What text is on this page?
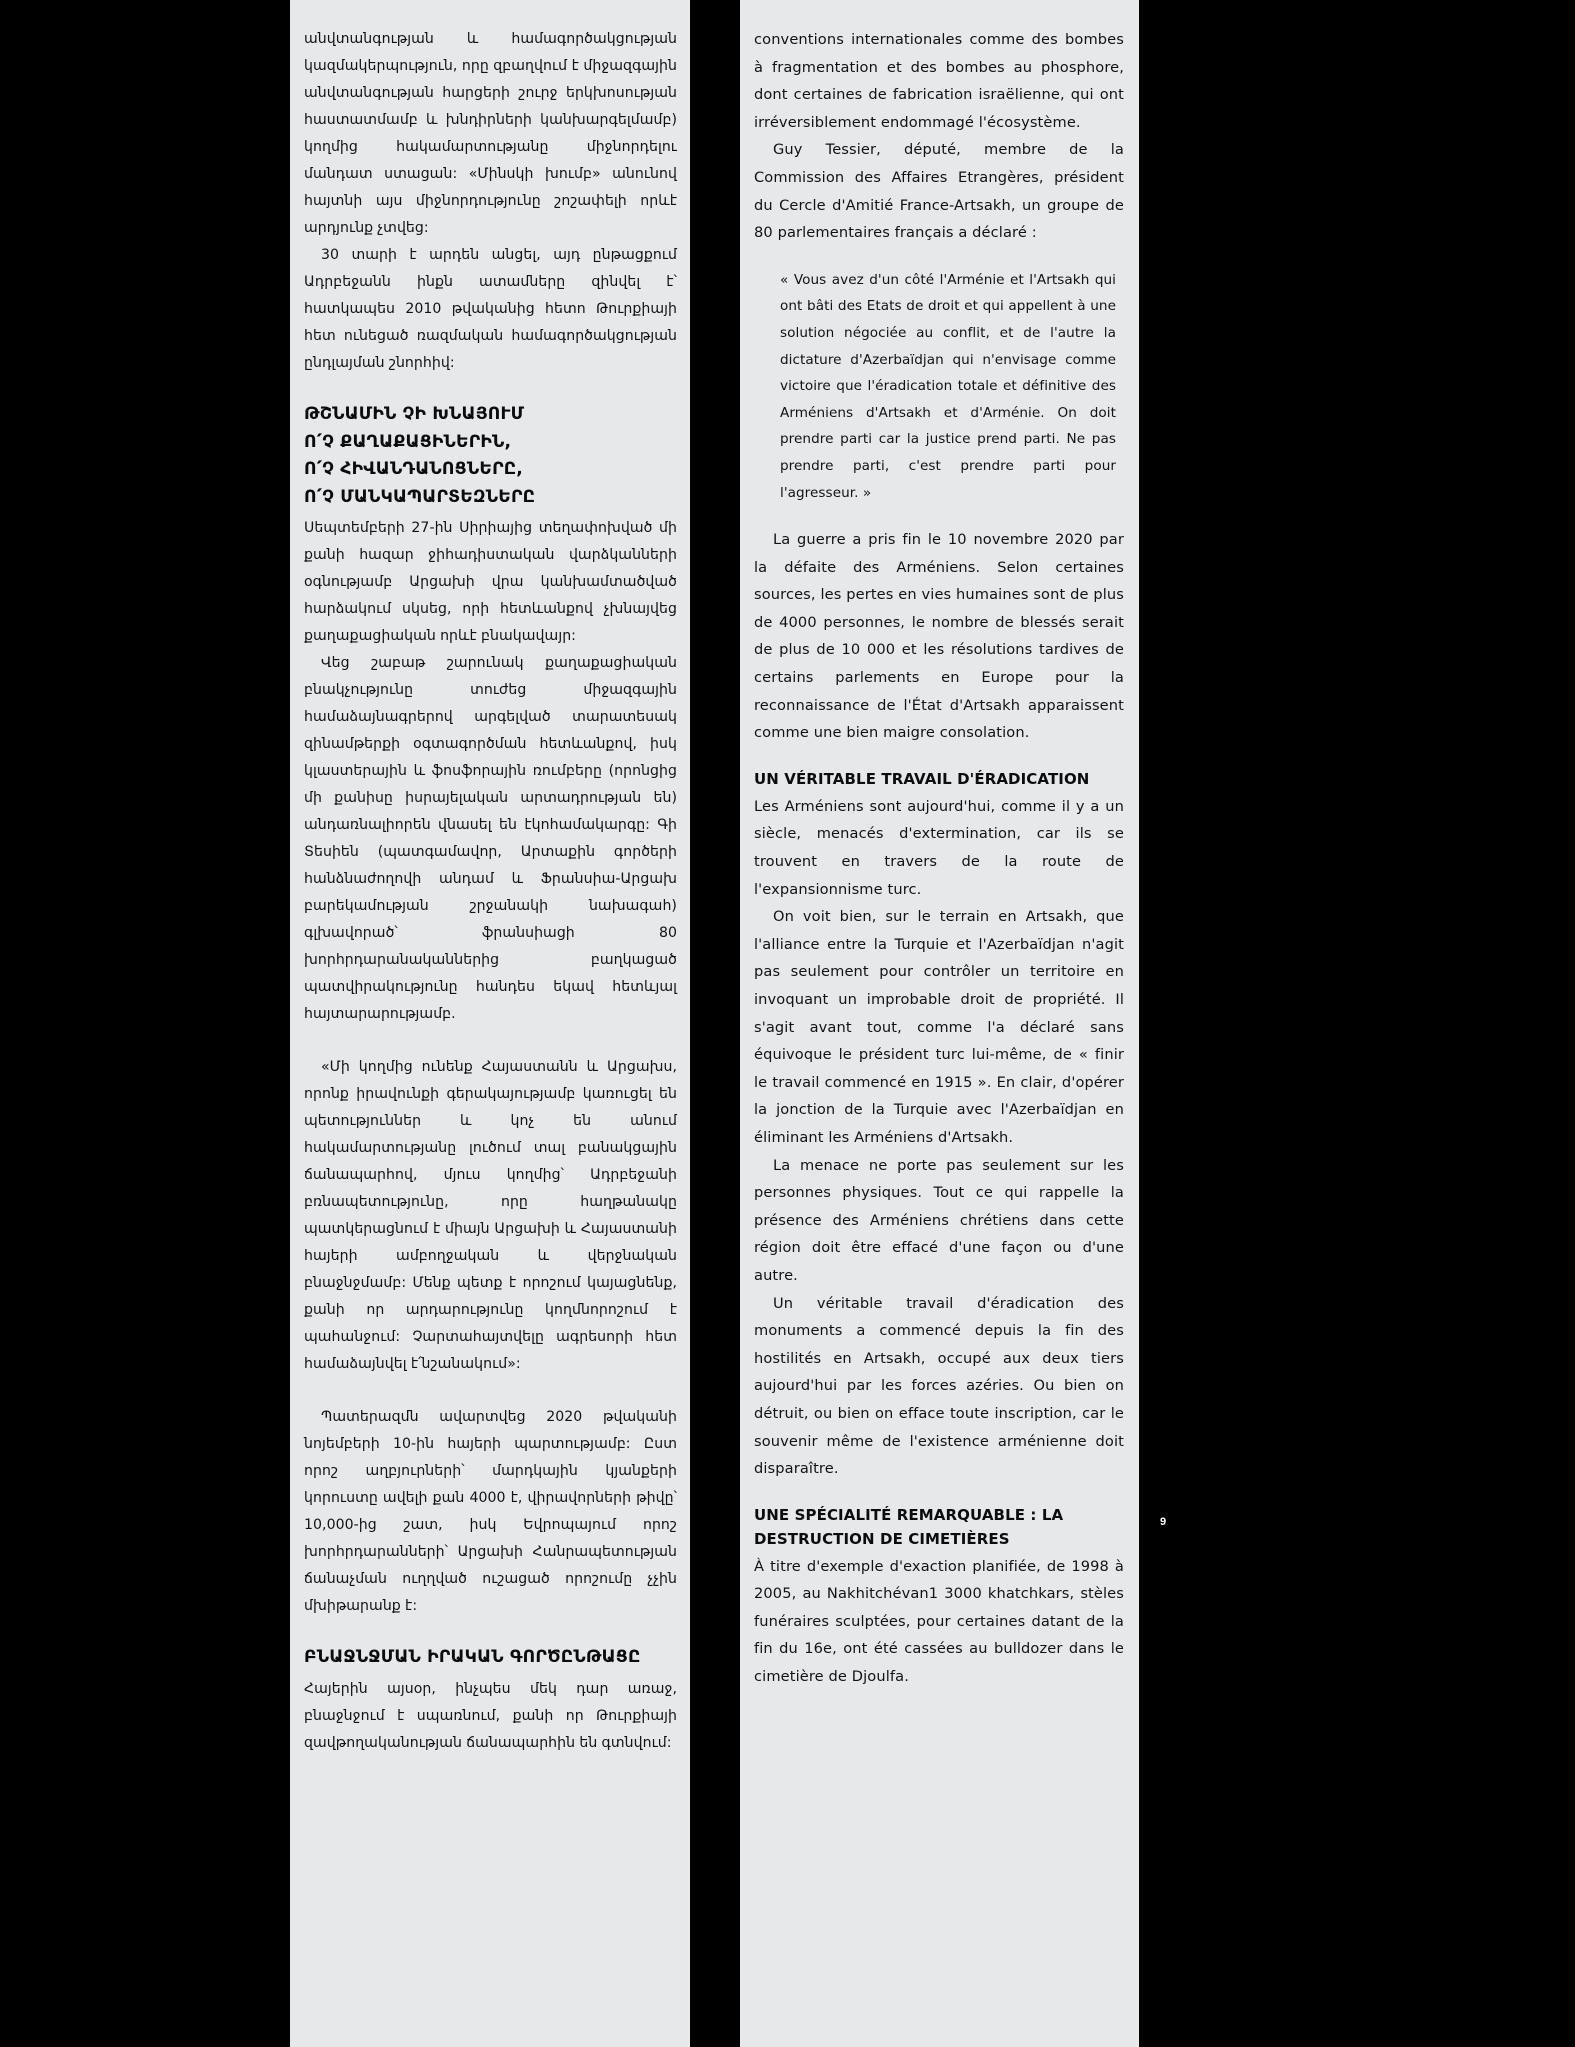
անվտանգության և համագործակցության կազմակերպություն, որը զբաղվում է միջազգային անվտանգության հարցերի շուրջ երկխոսության հաստատմամբ և խնդիրների կանխարգելմամբ) կողմից հակամարտությանը միջնորդելու մանդատ ստացան: «Մինսկի խումբ» անունով հայտնի այս միջնորդությունը շոշափելի որևէ արդյունք չտվեց:

30 տարի է արդեն անցել, այդ ընթացքում Ադրբեջանն ինքն ատամները զինվել է՝ հատկապես 2010 թվականից հետո Թուրքիայի հետ ունեցած ռազմական համագործակցության ընդլայման շնորհիվ:

ԹՇՆԱՄԻՆ ՉԻ ԽՆԱՅՈՒՄ
Ո՛Չ ՔԱՂԱՔԱՑԻՆԵՐԻՆ,
Ո՛Չ ՀԻՎԱՆԴԱՆՈՑՆԵՐԸ,
Ո՛Չ ՄԱՆԿԱՊԱՐՏԵԶՆԵՐԸ

Սեպտեմբերի 27-ին Սիրիայից տեղափոխված մի քանի հազար ջիհադիստական վարձկանների օգնությամբ Արցախի վրա կանխամտածված հարձակում սկսեց, որի հետևանքով չխնայվեց քաղաքացիական որևէ բնակավայր:

Վեց շաբաթ շարունակ քաղաքացիական բնակչությունը տուժեց միջազգային համաձայնագրերով արգելված տարատեսակ զինամթերքի օգտագործման հետևանքով, իսկ կլաստերային և ֆոսֆորային ռումբերը (որոնցից մի քանիսը իսրայելական արտադրության են) անդառնալիորեն վնասել են էկոհամակարգը: Գի Տեսիեն (պատգամավոր, Արտաքին գործերի հանձնաժողովի անդամ և Ֆրանսիա-Արցախ բարեկամության շրջանակի նախագահ) գլխավորած՝ ֆրանսիացի 80 խորհրդարանականներից բաղկացած պատվիրակությունը հանդես եկավ հետևյալ հայտարարությամբ.

«Մի կողմից ունենք Հայաստանն և Արցախս, որոնք իրավունքի գերակայությամբ կառուցել են պետություններ և կոչ են անում հակամարտությանը լուծում տալ բանակցային ճանապարհով, մյուս կողմից՝ Ադրբեջանի բռնապետությունը, որը հաղթանակը պատկերացնում է միայն Արցախի և Հայաստանի հայերի ամբողջական և վերջնական բնաջնջմամբ: Մենք պետք է որոշում կայացնենք, քանի որ արդարությունը կողմնորոշում է պահանջում: Չարտահայտվելը ագրեսորի հետ համաձայնվել է՛նշանակում»:

Պատերազմն ավարտվեց 2020 թվականի նոյեմբերի 10-ին հայերի պարտությամբ: Ըստ որոշ աղբյուրների՝ մարդկային կյանքերի կորուստը ավելի քան 4000 է, վիրավորների թիվը՝ 10,000-ից շատ, իսկ Եվրոպայում որոշ խորհրդարանների՝ Արցախի Հանրապետության ճանաչման ուղղված ուշացած որոշումը չչին մխիթարանք է:

ԲՆԱՋՆՋՄԱՆ ԻՐԱԿԱՆ ԳՈՐԾԸՆԹԱՑԸ

Հայերին այսօր, ինչպես մեկ դար առաջ, բնաջնջում է սպառնում, քանի որ Թուրքիայի զավթողականության ճանապարհին են գտնվում:

conventions internationales comme des bombes à fragmentation et des bombes au phosphore, dont certaines de fabrication israëlienne, qui ont irréversiblement endommagé l'écosystème.

Guy Tessier, député, membre de la Commission des Affaires Etrangères, président du Cercle d'Amitié France-Artsakh, un groupe de 80 parlementaires français a déclaré :

« Vous avez d'un côté l'Arménie et l'Artsakh qui ont bâti des Etats de droit et qui appellent à une solution négociée au conflit, et de l'autre la dictature d'Azerbaïdjan qui n'envisage comme victoire que l'éradication totale et définitive des Arméniens d'Artsakh et d'Arménie. On doit prendre parti car la justice prend parti. Ne pas prendre parti, c'est prendre parti pour l'agresseur. »

La guerre a pris fin le 10 novembre 2020 par la défaite des Arméniens. Selon certaines sources, les pertes en vies humaines sont de plus de 4000 personnes, le nombre de blessés serait de plus de 10 000 et les résolutions tardives de certains parlements en Europe pour la reconnaissance de l'État d'Artsakh apparaissent comme une bien maigre consolation.

UN VÉRITABLE TRAVAIL D'ÉRADICATION

Les Arméniens sont aujourd'hui, comme il y a un siècle, menacés d'extermination, car ils se trouvent en travers de la route de l'expansionnisme turc.

On voit bien, sur le terrain en Artsakh, que l'alliance entre la Turquie et l'Azerbaïdjan n'agit pas seulement pour contrôler un territoire en invoquant un improbable droit de propriété. Il s'agit avant tout, comme l'a déclaré sans équivoque le président turc lui-même, de « finir le travail commencé en 1915 ». En clair, d'opérer la jonction de la Turquie avec l'Azerbaïdjan en éliminant les Arméniens d'Artsakh.

La menace ne porte pas seulement sur les personnes physiques. Tout ce qui rappelle la présence des Arméniens chrétiens dans cette région doit être effacé d'une façon ou d'une autre.

Un véritable travail d'éradication des monuments a commencé depuis la fin des hostilités en Artsakh, occupé aux deux tiers aujourd'hui par les forces azéries. Ou bien on détruit, ou bien on efface toute inscription, car le souvenir même de l'existence arménienne doit disparaître.

UNE SPÉCIALITÉ REMARQUABLE : LA
DESTRUCTION DE CIMETIÈRES

À titre d'exemple d'exaction planifiée, de 1998 à 2005, au Nakhitchévan1 3000 khatchkars, stèles funéraires sculptées, pour certaines datant de la fin du 16e, ont été cassées au bulldozer dans le cimetière de Djoulfa.

9
